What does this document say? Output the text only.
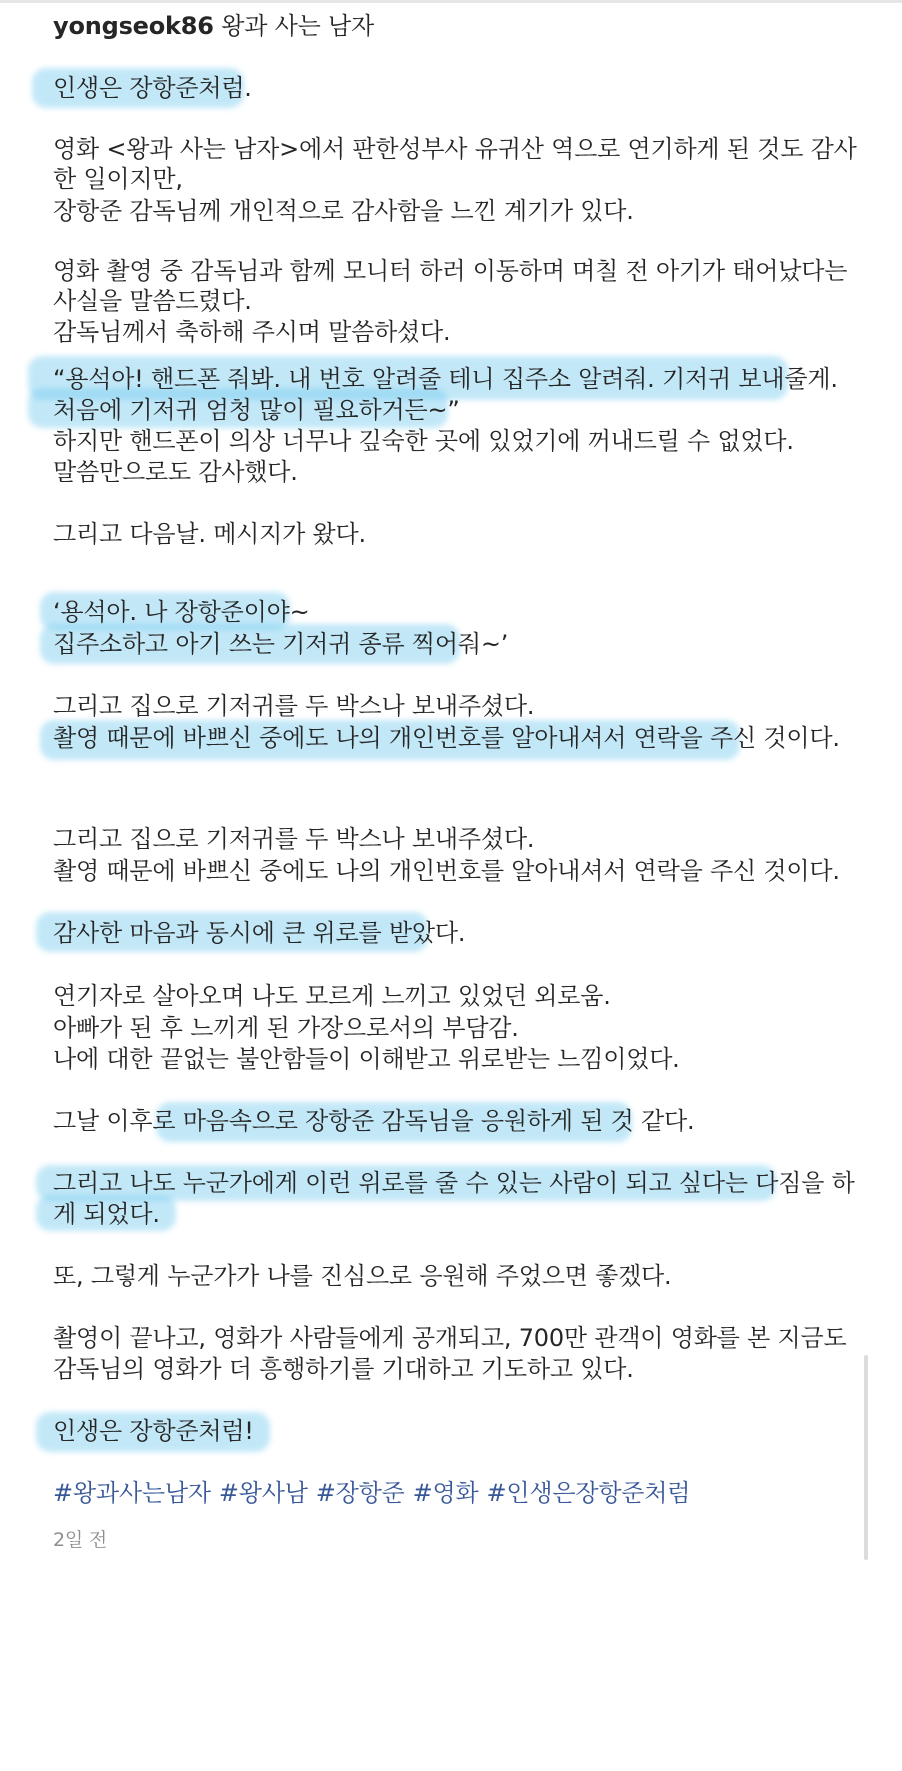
yongseok86 왕과 사는 남자
인생은 장항준처럼.
영화 <왕과 사는 남자>에서 판한성부사 유귀산 역으로 연기하게 된 것도 감사
한 일이지만,
장항준 감독님께 개인적으로 감사함을 느낀 계기가 있다.
영화 촬영 중 감독님과 함께 모니터 하러 이동하며 며칠 전 아기가 태어났다는
사실을 말씀드렸다.
감독님께서 축하해 주시며 말씀하셨다.
“용석아! 핸드폰 줘봐. 내 번호 알려줄 테니 집주소 알려줘. 기저귀 보내줄게.
처음에 기저귀 엄청 많이 필요하거든~”
하지만 핸드폰이 의상 너무나 깊숙한 곳에 있었기에 꺼내드릴 수 없었다.
말씀만으로도 감사했다.
그리고 다음날. 메시지가 왔다.
‘용석아. 나 장항준이야~
집주소하고 아기 쓰는 기저귀 종류 찍어줘~’
그리고 집으로 기저귀를 두 박스나 보내주셨다.
촬영 때문에 바쁘신 중에도 나의 개인번호를 알아내셔서 연락을 주신 것이다.
그리고 집으로 기저귀를 두 박스나 보내주셨다.
촬영 때문에 바쁘신 중에도 나의 개인번호를 알아내셔서 연락을 주신 것이다.
감사한 마음과 동시에 큰 위로를 받았다.
연기자로 살아오며 나도 모르게 느끼고 있었던 외로움.
아빠가 된 후 느끼게 된 가장으로서의 부담감.
나에 대한 끝없는 불안함들이 이해받고 위로받는 느낌이었다.
그날 이후로 마음속으로 장항준 감독님을 응원하게 된 것 같다.
그리고 나도 누군가에게 이런 위로를 줄 수 있는 사람이 되고 싶다는 다짐을 하
게 되었다.
또, 그렇게 누군가가 나를 진심으로 응원해 주었으면 좋겠다.
촬영이 끝나고, 영화가 사람들에게 공개되고, 700만 관객이 영화를 본 지금도
감독님의 영화가 더 흥행하기를 기대하고 기도하고 있다.
인생은 장항준처럼!
#왕과사는남자 #왕사남 #장항준 #영화 #인생은장항준처럼
2일 전
